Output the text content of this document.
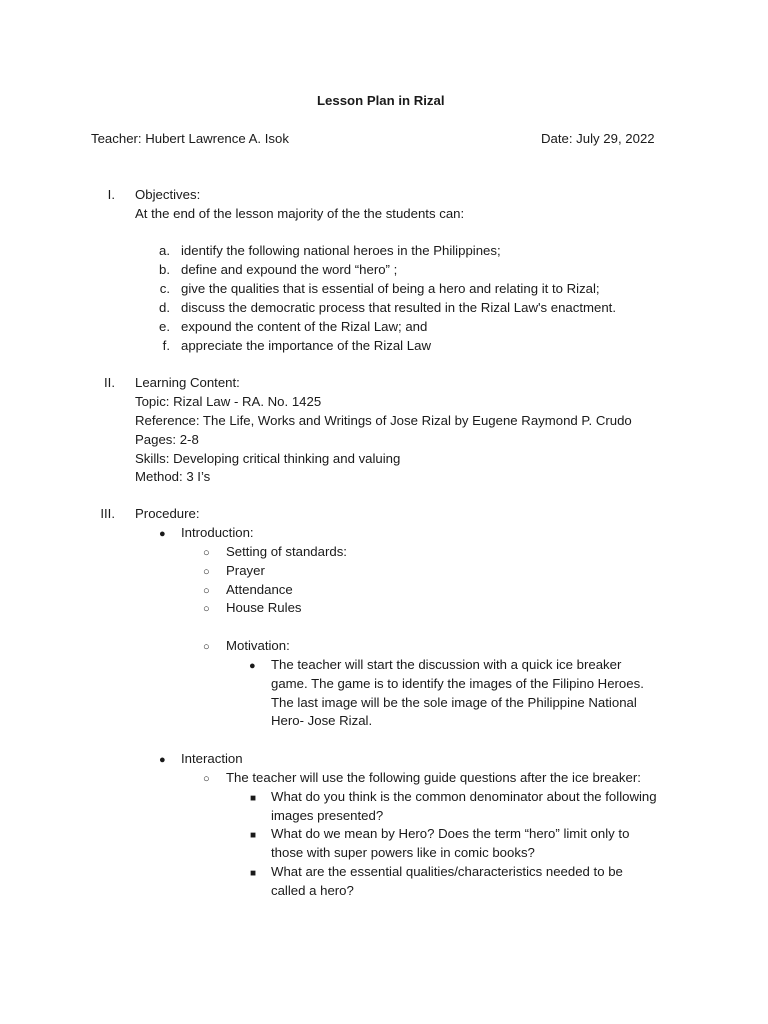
Lesson Plan in Rizal
Teacher: Hubert Lawrence A. Isok	Date: July 29, 2022
I. Objectives:
At the end of the lesson majority of the the students can:
a. identify the following national heroes in the Philippines;
b. define and expound the word “hero” ;
c. give the qualities that is essential of being a hero and relating it to Rizal;
d. discuss the democratic process that resulted in the Rizal Law's enactment.
e. expound the content of the Rizal Law; and
f. appreciate the importance of the Rizal Law
II. Learning Content:
Topic: Rizal Law - RA. No. 1425
Reference: The Life, Works and Writings of Jose Rizal by Eugene Raymond P. Crudo
Pages: 2-8
Skills: Developing critical thinking and valuing
Method: 3 I’s
III. Procedure:
● Introduction:
○ Setting of standards:
○ Prayer
○ Attendance
○ House Rules
○ Motivation:
● The teacher will start the discussion with a quick ice breaker
game. The game is to identify the images of the Filipino Heroes.
The last image will be the sole image of the Philippine National
Hero- Jose Rizal.
● Interaction
○ The teacher will use the following guide questions after the ice breaker:
■ What do you think is the common denominator about the following
images presented?
■ What do we mean by Hero? Does the term “hero” limit only to
those with super powers like in comic books?
■ What are the essential qualities/characteristics needed to be
called a hero?
